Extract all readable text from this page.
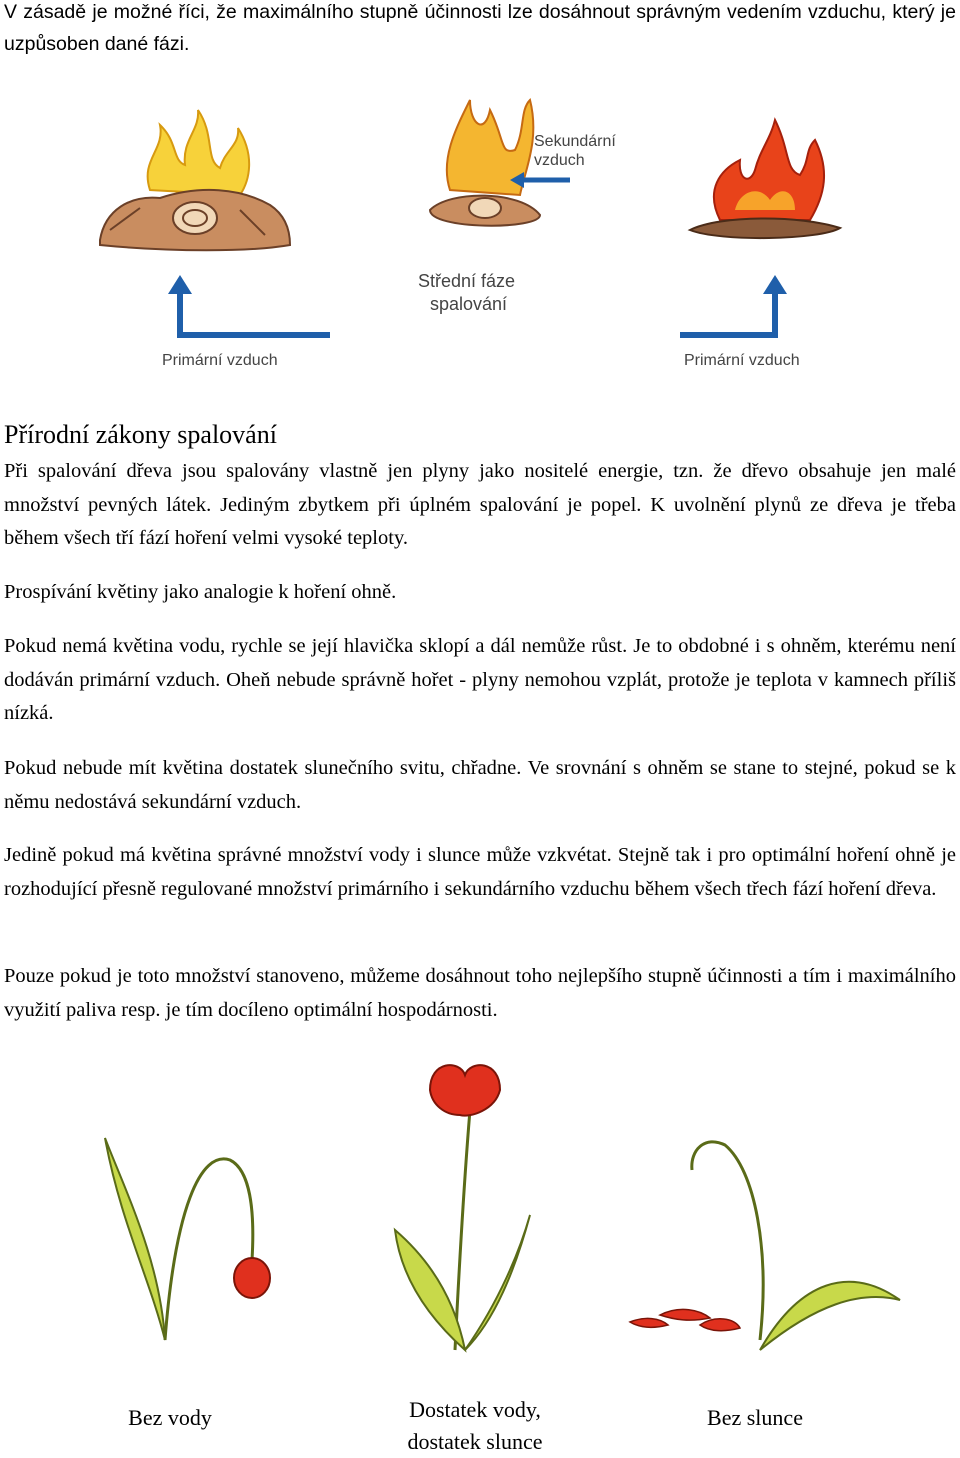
V zásadě je možné říci, že maximálního stupně účinnosti lze dosáhnout správným vedením vzduchu, který je uzpůsoben dané fázi.

Sekundární
vzduch
Střední fáze
spalování
Primární vzduch	Primární vzduch
Přírodní zákony spalování

Při spalování dřeva jsou spalovány vlastně jen plyny jako nositelé energie, tzn. že dřevo obsahuje jen malé množství pevných látek. Jediným zbytkem při úplném spalování je popel. K uvolnění plynů ze dřeva je třeba během všech tří fází hoření velmi vysoké teploty.

Prospívání květiny jako analogie k hoření ohně.

Pokud nemá květina vodu, rychle se její hlavička sklopí a dál nemůže růst. Je to obdobné i s ohněm, kterému není dodáván primární vzduch. Oheň nebude správně hořet - plyny nemohou vzplát, protože je teplota v kamnech příliš nízká.

Pokud nebude mít květina dostatek slunečního svitu, chřadne. Ve srovnání s ohněm se stane to stejné, pokud se k němu nedostává sekundární vzduch.

Jedině pokud má květina správné množství vody i slunce může vzkvétat. Stejně tak i pro optimální hoření ohně je rozhodující přesně regulované množství primárního i sekundárního vzduchu během všech třech fází hoření dřeva.

Pouze pokud je toto množství stanoveno, můžeme dosáhnout toho nejlepšího stupně účinnosti a tím i maximálního využití paliva resp. je tím docíleno optimální hospodárnosti.

Bez vody	Dostatek vody,
dostatek slunce
Bez slunce
